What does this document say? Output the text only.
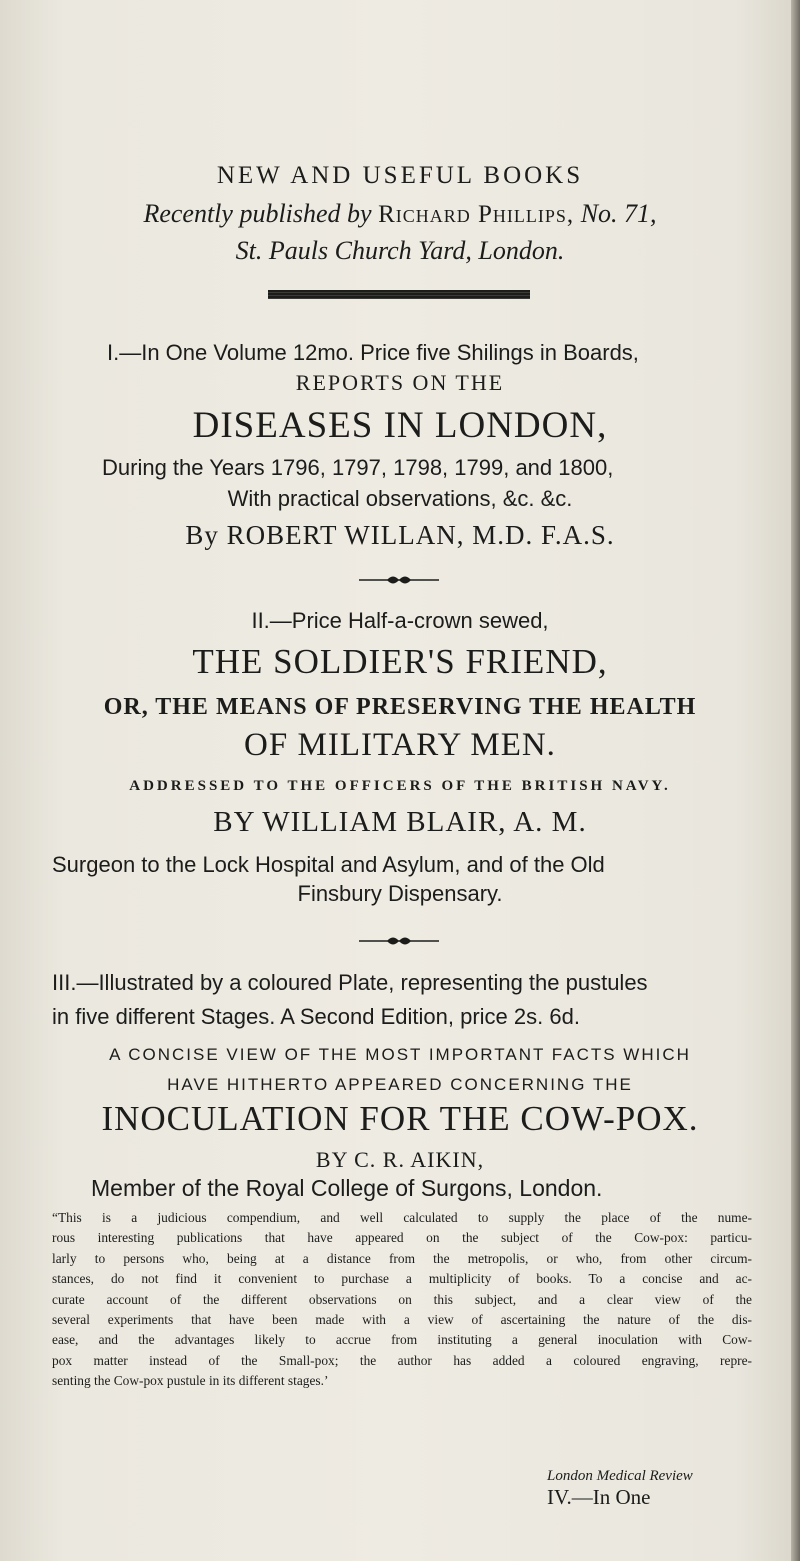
NEW AND USEFUL BOOKS
Recently published by Richard Phillips, No. 71,
St. Pauls Church Yard, London.
I.—In One Volume 12mo. Price five Shilings in Boards,
REPORTS ON THE
DISEASES IN LONDON,
During the Years 1796, 1797, 1798, 1799, and 1800,
With practical observations, &c. &c.
By ROBERT WILLAN, M.D. F.A.S.
II.—Price Half-a-crown sewed,
THE SOLDIER'S FRIEND,
OR, THE MEANS OF PRESERVING THE HEALTH
OF MILITARY MEN.
ADDRESSED TO THE OFFICERS OF THE BRITISH NAVY.
BY WILLIAM BLAIR, A. M.
Surgeon to the Lock Hospital and Asylum, and of the Old
Finsbury Dispensary.
III.—Illustrated by a coloured Plate, representing the pustules
in five different Stages. A Second Edition, price 2s. 6d.
A CONCISE VIEW OF THE MOST IMPORTANT FACTS WHICH
HAVE HITHERTO APPEARED CONCERNING THE
INOCULATION FOR THE COW-POX.
BY C. R. AIKIN,
Member of the Royal College of Surgons, London.
“This is a judicious compendium, and well calculated to supply the place of the nume-
rous interesting publications that have appeared on the subject of the Cow-pox: particu-
larly to persons who, being at a distance from the metropolis, or who, from other circum-
stances, do not find it convenient to purchase a multiplicity of books. To a concise and ac-
curate account of the different observations on this subject, and a clear view of the
several experiments that have been made with a view of ascertaining the nature of the dis-
ease, and the advantages likely to accrue from instituting a general inoculation with Cow-
pox matter instead of the Small-pox; the author has added a coloured engraving, repre-
senting the Cow-pox pustule in its different stages.’
London Medical Review
IV.—In One
